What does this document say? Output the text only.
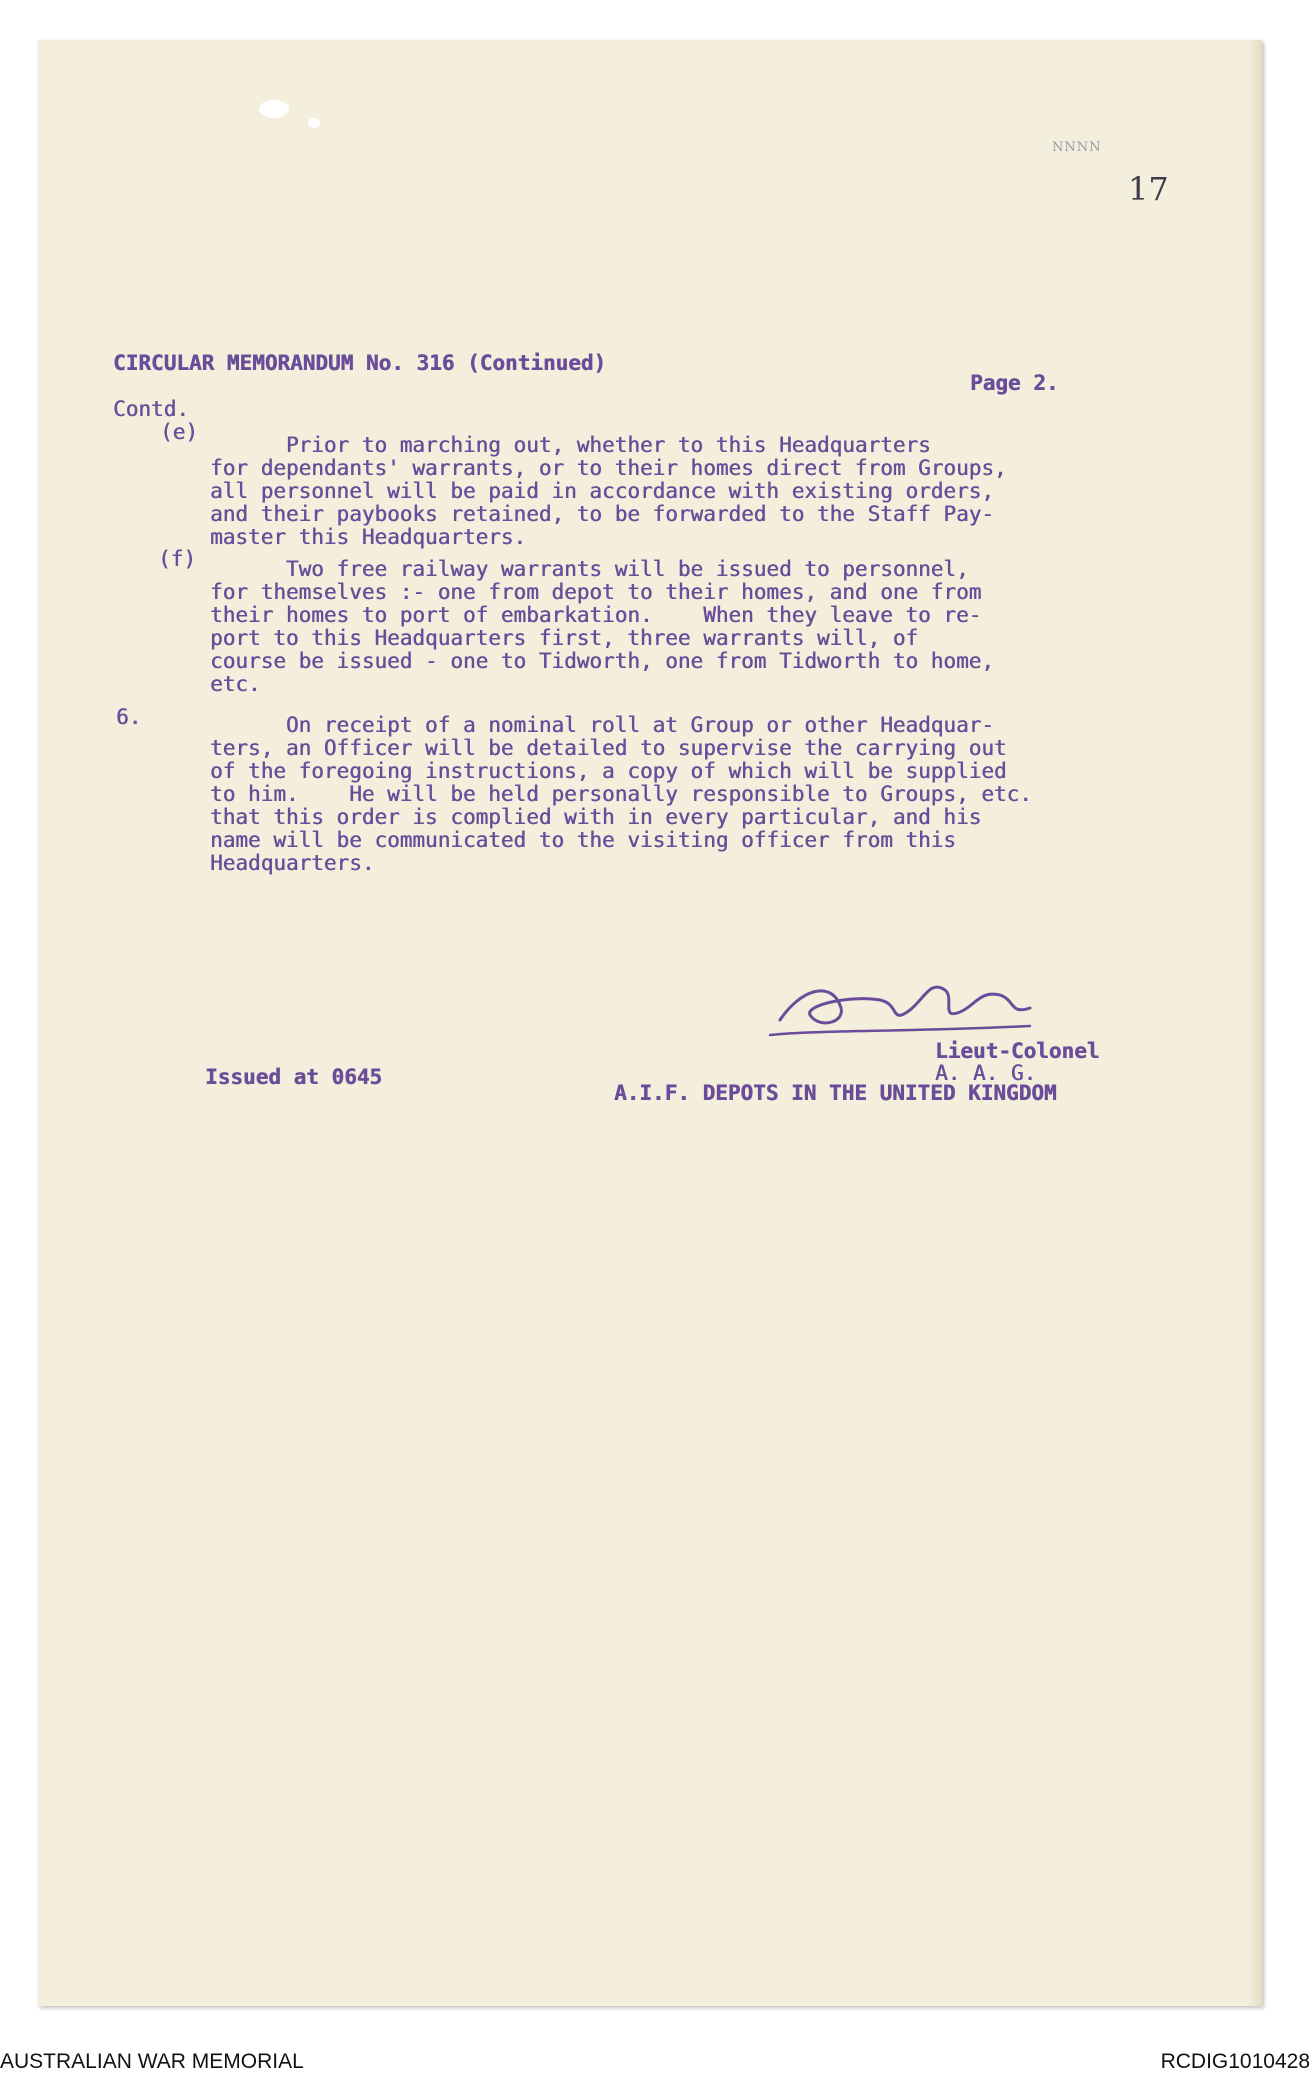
NNNN
17
CIRCULAR MEMORANDUM No. 316 (Continued)
Page 2.
Contd.
(e)
Prior to marching out, whether to this Headquarters
for dependants' warrants, or to their homes direct from Groups,
all personnel will be paid in accordance with existing orders,
and their paybooks retained, to be forwarded to the Staff Pay-
master this Headquarters.
(f) Two free railway warrants will be issued to personnel,
for themselves :- one from depot to their homes, and one from
their homes to port of embarkation.    When they leave to re-
port to this Headquarters first, three warrants will, of
course be issued - one to Tidworth, one from Tidworth to home,
etc.
6.	On receipt of a nominal roll at Group or other Headquar-
ters, an Officer will be detailed to supervise the carrying out
of the foregoing instructions, a copy of which will be supplied
to him.    He will be held personally responsible to Groups, etc.
that this order is complied with in every particular, and his
name will be communicated to the visiting officer from this
Headquarters.
Lieut-Colonel
A. A. G.
A.I.F. DEPOTS IN THE UNITED KINGDOM
Issued at 0645
AUSTRALIAN WAR MEMORIAL	RCDIG1010428
